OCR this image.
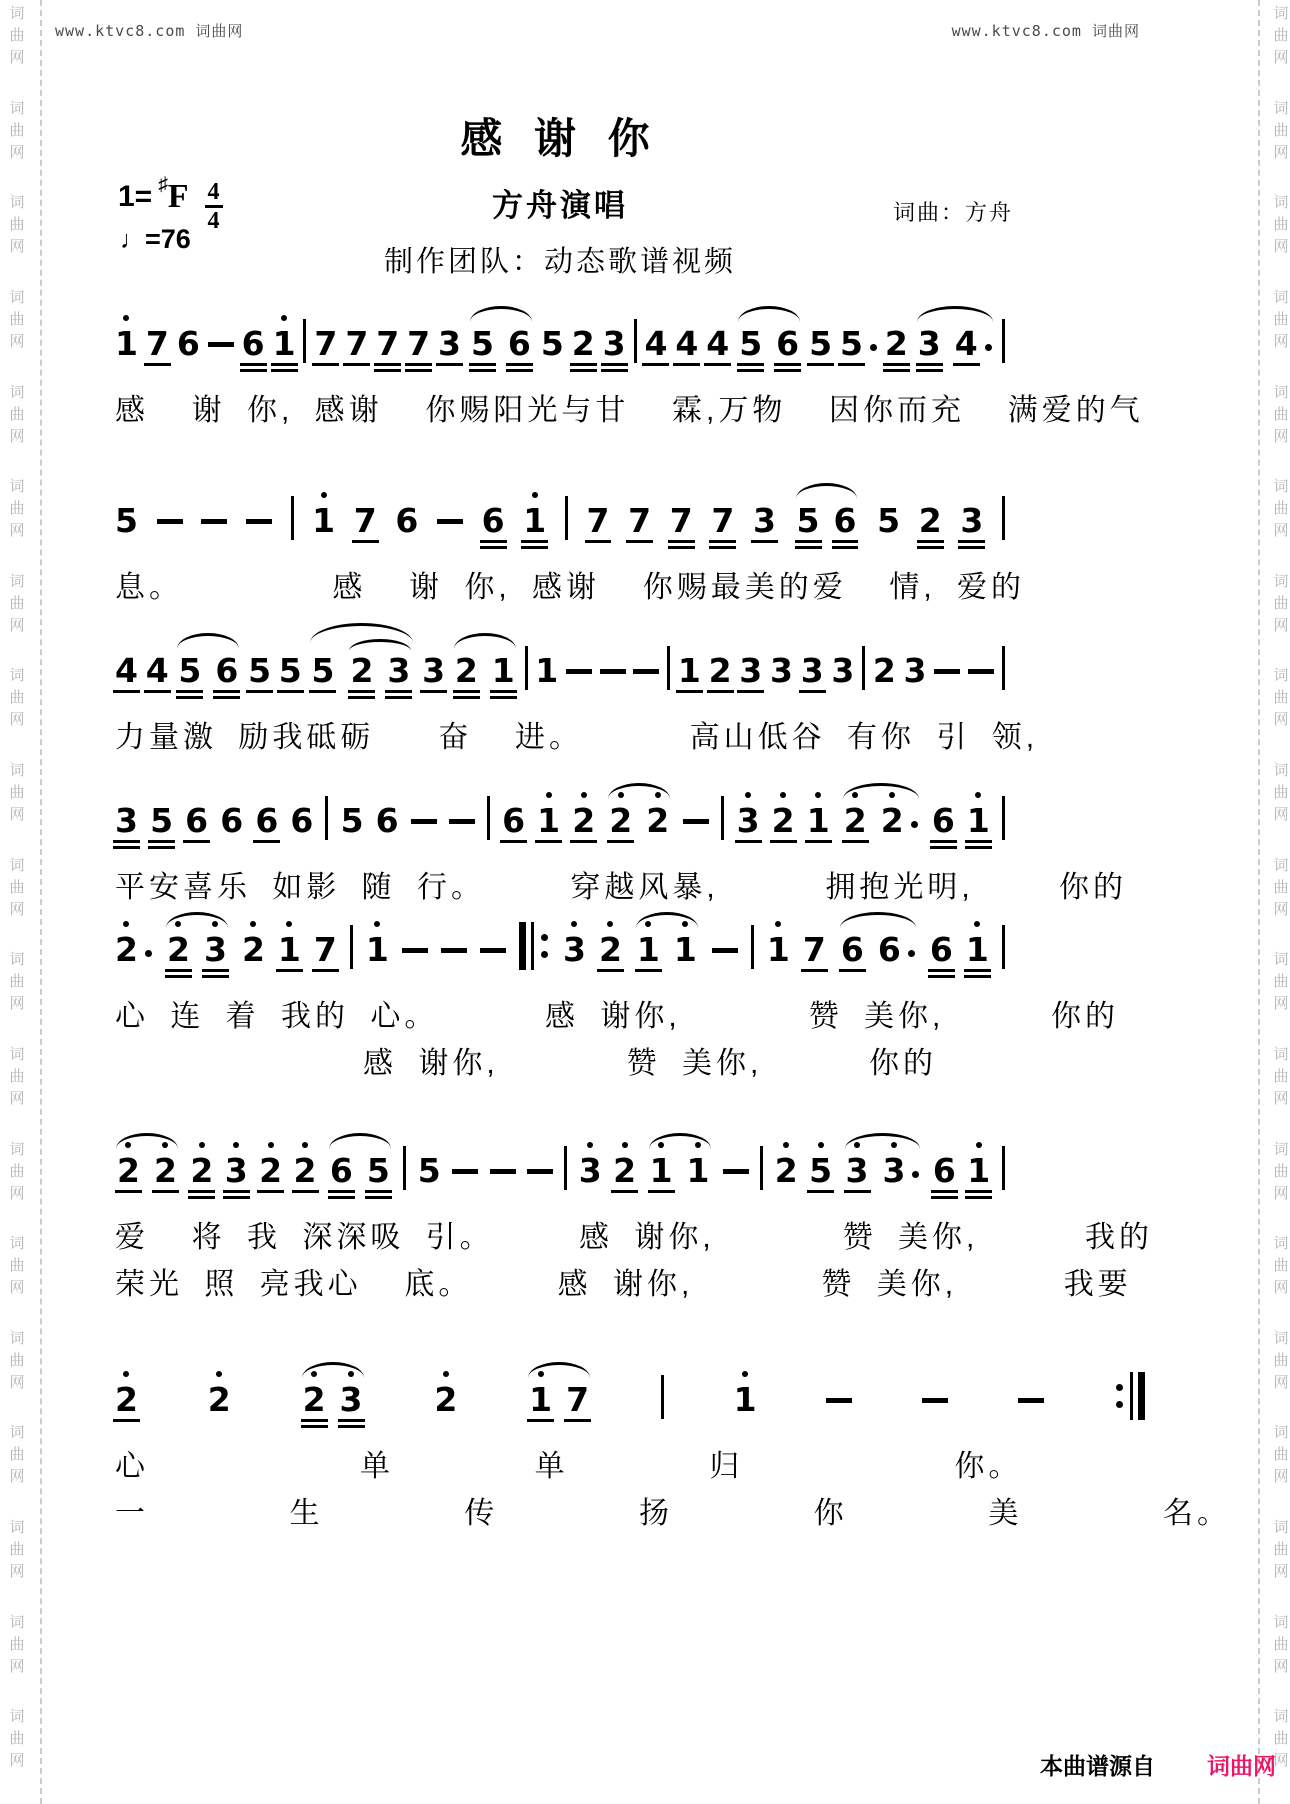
词
曲
网
词
曲
网
词
曲
网
词
曲
网
词
曲
网
词
曲
网
词
曲
网
词
曲
网
词
曲
网
词
曲
网
词
曲
网
词
曲
网
词
曲
网
词
曲
网
词
曲
网
词
曲
网
词
曲
网
词
曲
网
词
曲
网
词
曲
网
词
曲
网
词
曲
网
词
曲
网
词
曲
网
词
曲
网
词
曲
网
词
曲
网
词
曲
网
词
曲
网
词
曲
网
词
曲
网
词
曲
网
词
曲
网
词
曲
网
词
曲
网
词
曲
网
词
曲
网
词
曲
网
www.ktvc8.com 词曲网	www.ktvc8.com 词曲网
感 谢 你
方舟演唱
制作团队：动态歌谱视频
词曲：方舟
1= ♯ F $\frac{4}{4}$
♩=76
1 7 6 6 1 7 7 7 7 3 5 6 5 2 3 4 4 4 5 6 5 5 2 3 4
感  谢 你, 感谢  你赐阳光与甘  霖,万物  因你而充  满爱的气
5	1 7 6 6 1 7 7 7 7 3 5 6 5 2 3
息。       感  谢 你, 感谢  你赐最美的爱  情, 爱的
4 4 5 6 5 5 5 2 3 3 2 1 1	1 2 3 3 3 3 2 3
力量激 励我砥砺   奋  进。     高山低谷 有你 引 领,
3 5 6 6 6 6 5 6	6 1 2 2 2 3 2 1 2 2 6 1
平安喜乐 如影 随 行。    穿越风暴,     拥抱光明,    你的
2 2 3 2 1 7 1	3 2 1 1 1 7 6 6 6 1
心 连 着 我的 心。     感 谢你,      赞 美你,     你的
感 谢你,      赞 美你,     你的
2 2 2 3 2 2 6 5 5	3 2 1 1 2 5 3 3 6 1
爱  将 我 深深吸 引。    感 谢你,      赞 美你,     我的
荣光 照 亮我心  底。    感 谢你,      赞 美你,     我要
2 2 2 3 2 1 7	1
心   单  单  归   你。
一  生  传  扬  你  美  名。
本曲谱源自 词曲网
